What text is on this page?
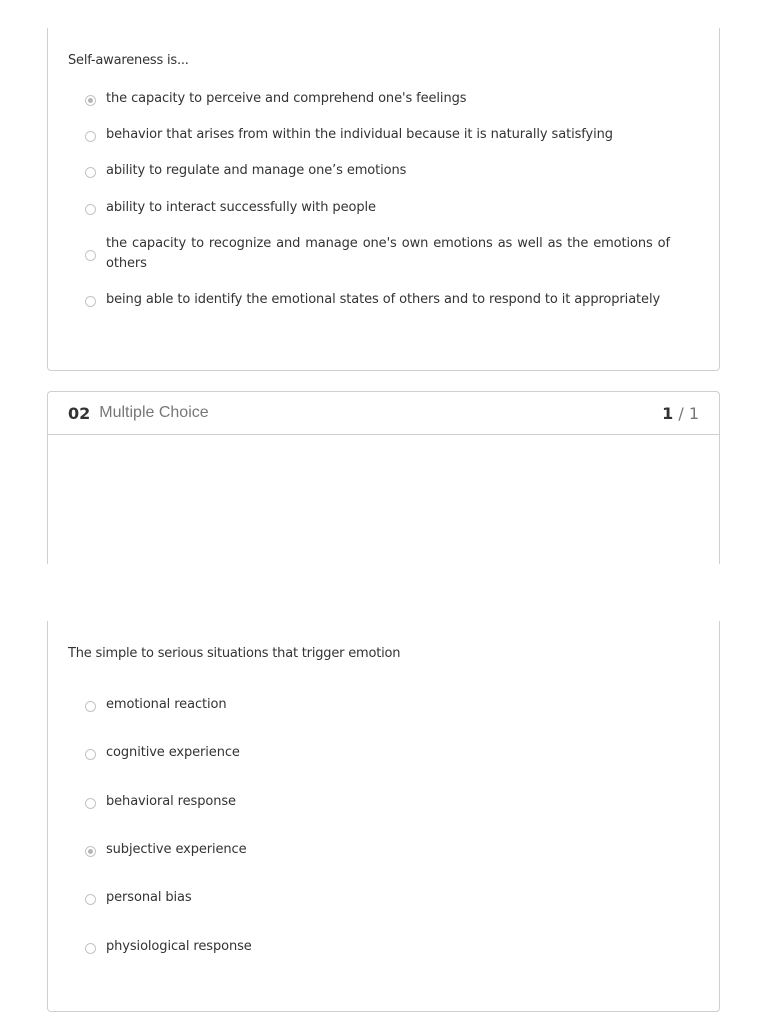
Self-awareness is...
the capacity to perceive and comprehend one's feelings
behavior that arises from within the individual because it is naturally satisfying
ability to regulate and manage one’s emotions
ability to interact successfully with people
the capacity to recognize and manage one's own emotions as well as the emotions of others
being able to identify the emotional states of others and to respond to it appropriately
02 Multiple Choice	1 / 1
The simple to serious situations that trigger emotion
emotional reaction
cognitive experience
behavioral response
subjective experience
personal bias
physiological response
